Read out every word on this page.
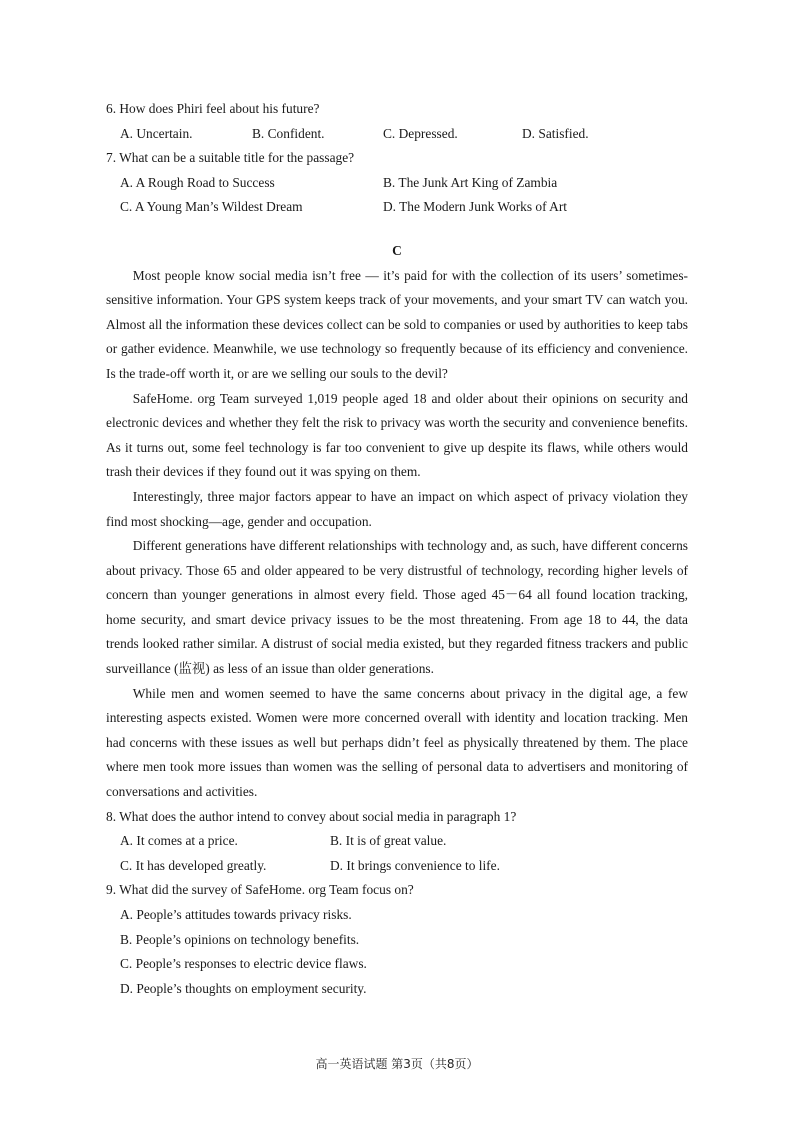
6. How does Phiri feel about his future?
A. Uncertain.	B. Confident.	C. Depressed.	D. Satisfied.
7. What can be a suitable title for the passage?
A. A Rough Road to Success	B. The Junk Art King of Zambia
C. A Young Man’s Wildest Dream	D. The Modern Junk Works of Art
C

Most people know social media isn’t free — it’s paid for with the collection of its users’ sometimes-sensitive information. Your GPS system keeps track of your movements, and your smart TV can watch you. Almost all the information these devices collect can be sold to companies or used by authorities to keep tabs or gather evidence. Meanwhile, we use technology so frequently because of its efficiency and convenience. Is the trade-off worth it, or are we selling our souls to the devil?

SafeHome. org Team surveyed 1,019 people aged 18 and older about their opinions on security and electronic devices and whether they felt the risk to privacy was worth the security and convenience benefits. As it turns out, some feel technology is far too convenient to give up despite its flaws, while others would trash their devices if they found out it was spying on them.

Interestingly, three major factors appear to have an impact on which aspect of privacy violation they find most shocking—age, gender and occupation.

Different generations have different relationships with technology and, as such, have different concerns about privacy. Those 65 and older appeared to be very distrustful of technology, recording higher levels of concern than younger generations in almost every field. Those aged 45－64 all found location tracking, home security, and smart device privacy issues to be the most threatening. From age 18 to 44, the data trends looked rather similar. A distrust of social media existed, but they regarded fitness trackers and public surveillance (监视) as less of an issue than older generations.

While men and women seemed to have the same concerns about privacy in the digital age, a few interesting aspects existed. Women were more concerned overall with identity and location tracking. Men had concerns with these issues as well but perhaps didn’t feel as physically threatened by them. The place where men took more issues than women was the selling of personal data to advertisers and monitoring of conversations and activities.

8. What does the author intend to convey about social media in paragraph 1?
A. It comes at a price.	B. It is of great value.
C. It has developed greatly.	D. It brings convenience to life.
9. What did the survey of SafeHome. org Team focus on?
A. People’s attitudes towards privacy risks.
B. People’s opinions on technology benefits.
C. People’s responses to electric device flaws.
D. People’s thoughts on employment security.
高一英语试题 第3页（共8页）
